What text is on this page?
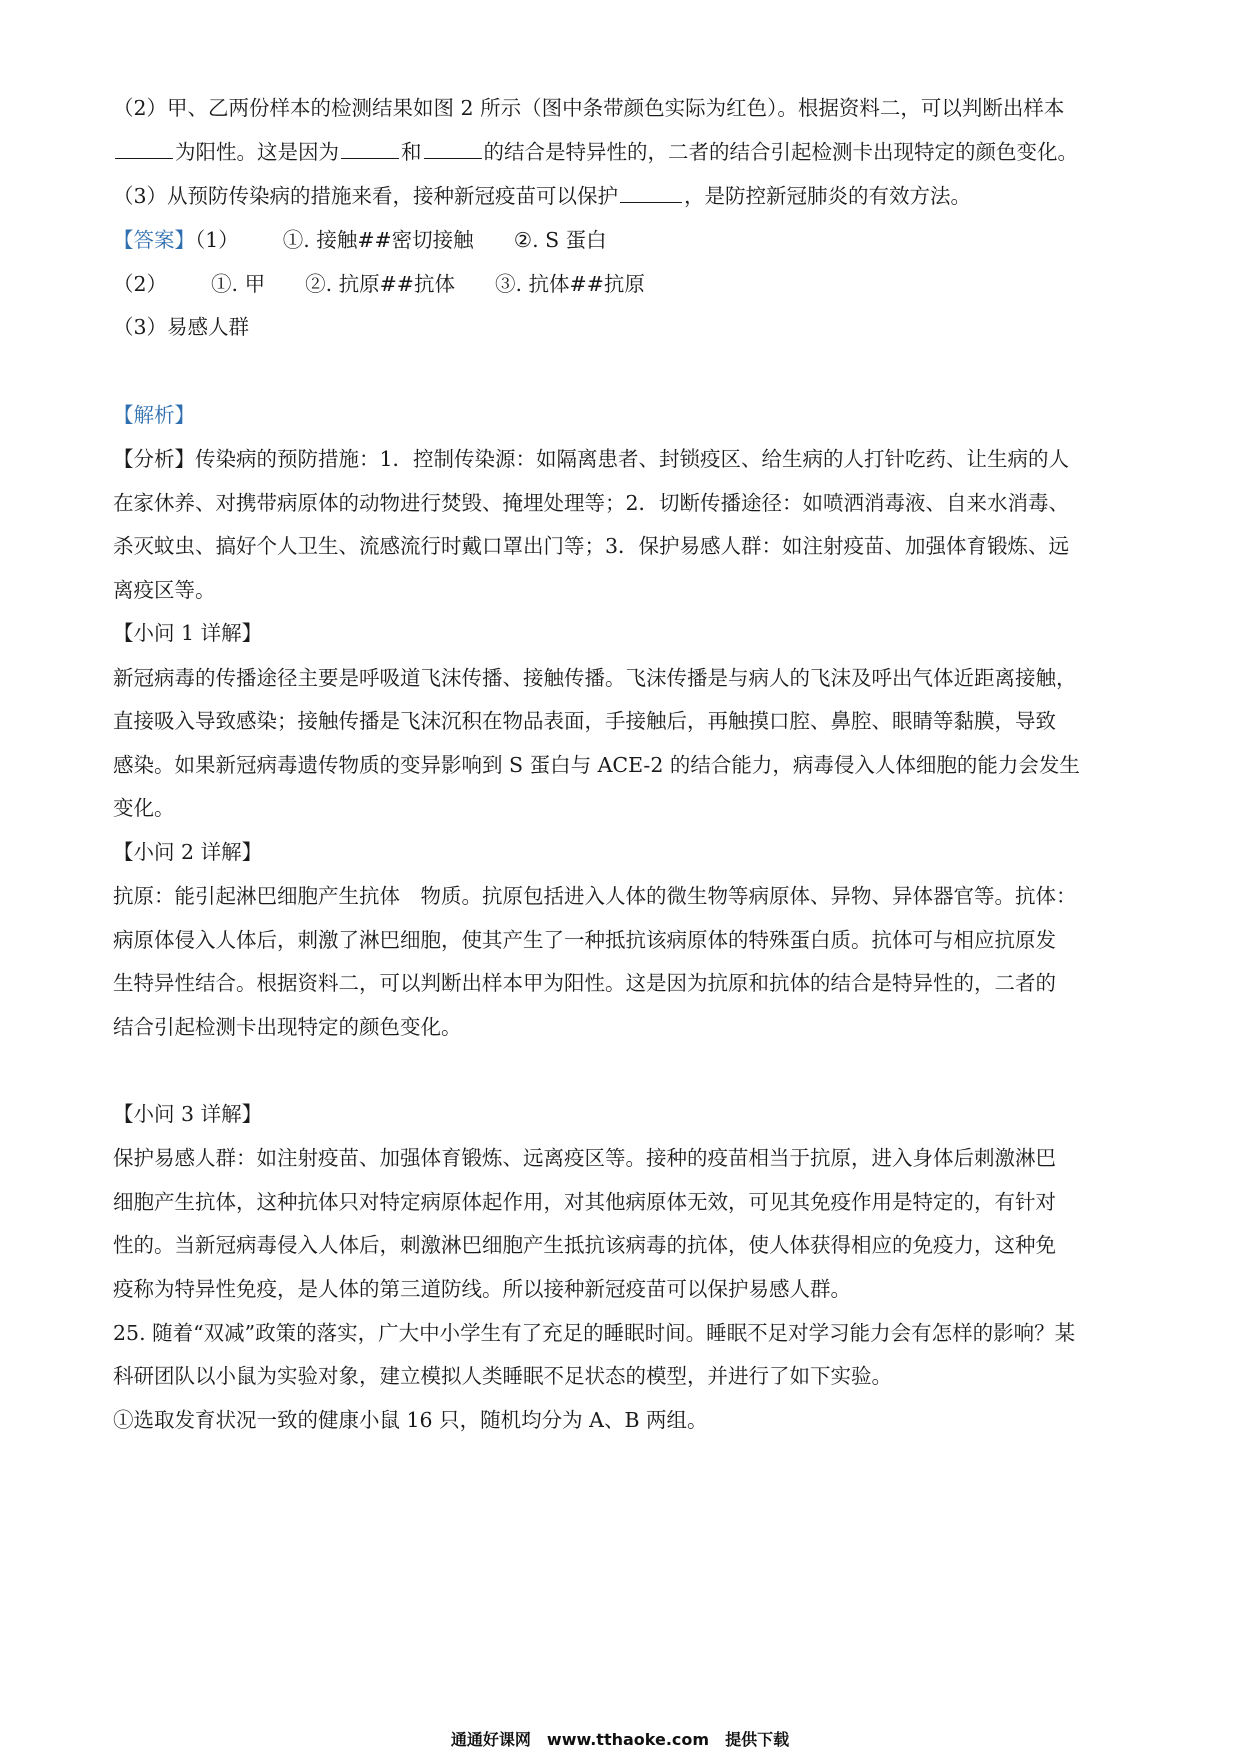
（2）甲、乙两份样本的检测结果如图 2 所示（图中条带颜色实际为红色）。根据资料二，可以判断出样本
为阳性。这是因为	和	的结合是特异性的，二者的结合引起检测卡出现特定的颜色变化。
（3）从预防传染病的措施来看，接种新冠疫苗可以保护	，是防控新冠肺炎的有效方法。
【答案】（1） ①. 接触##密切接触 ②. S 蛋白
（2） ①. 甲 ②. 抗原##抗体 ③. 抗体##抗原
（3）易感人群
【解析】
【分析】传染病的预防措施：1．控制传染源：如隔离患者、封锁疫区、给生病的人打针吃药、让生病的人
在家休养、对携带病原体的动物进行焚毁、掩埋处理等；2．切断传播途径：如喷洒消毒液、自来水消毒、
杀灭蚊虫、搞好个人卫生、流感流行时戴口罩出门等；3．保护易感人群：如注射疫苗、加强体育锻炼、远
离疫区等。
【小问 1 详解】
新冠病毒的传播途径主要是呼吸道飞沫传播、接触传播。飞沫传播是与病人的飞沫及呼出气体近距离接触，
直接吸入导致感染；接触传播是飞沫沉积在物品表面，手接触后，再触摸口腔、鼻腔、眼睛等黏膜，导致
感染。如果新冠病毒遗传物质的变异影响到 S 蛋白与 ACE-2 的结合能力，病毒侵入人体细胞的能力会发生
变化。
【小问 2 详解】
抗原：能引起淋巴细胞产生抗体　物质。抗原包括进入人体的微生物等病原体、异物、异体器官等。抗体：
病原体侵入人体后，刺激了淋巴细胞，使其产生了一种抵抗该病原体的特殊蛋白质。抗体可与相应抗原发
生特异性结合。根据资料二，可以判断出样本甲为阳性。这是因为抗原和抗体的结合是特异性的，二者的
结合引起检测卡出现特定的颜色变化。
【小问 3 详解】
保护易感人群：如注射疫苗、加强体育锻炼、远离疫区等。接种的疫苗相当于抗原，进入身体后刺激淋巴
细胞产生抗体，这种抗体只对特定病原体起作用，对其他病原体无效，可见其免疫作用是特定的，有针对
性的。当新冠病毒侵入人体后，刺激淋巴细胞产生抵抗该病毒的抗体，使人体获得相应的免疫力，这种免
疫称为特异性免疫，是人体的第三道防线。所以接种新冠疫苗可以保护易感人群。
25. 随着“双减”政策的落实，广大中小学生有了充足的睡眠时间。睡眠不足对学习能力会有怎样的影响？某
科研团队以小鼠为实验对象，建立模拟人类睡眠不足状态的模型，并进行了如下实验。
①选取发育状况一致的健康小鼠 16 只，随机均分为 A、B 两组。
通通好课网　www.tthaoke.com　提供下载
